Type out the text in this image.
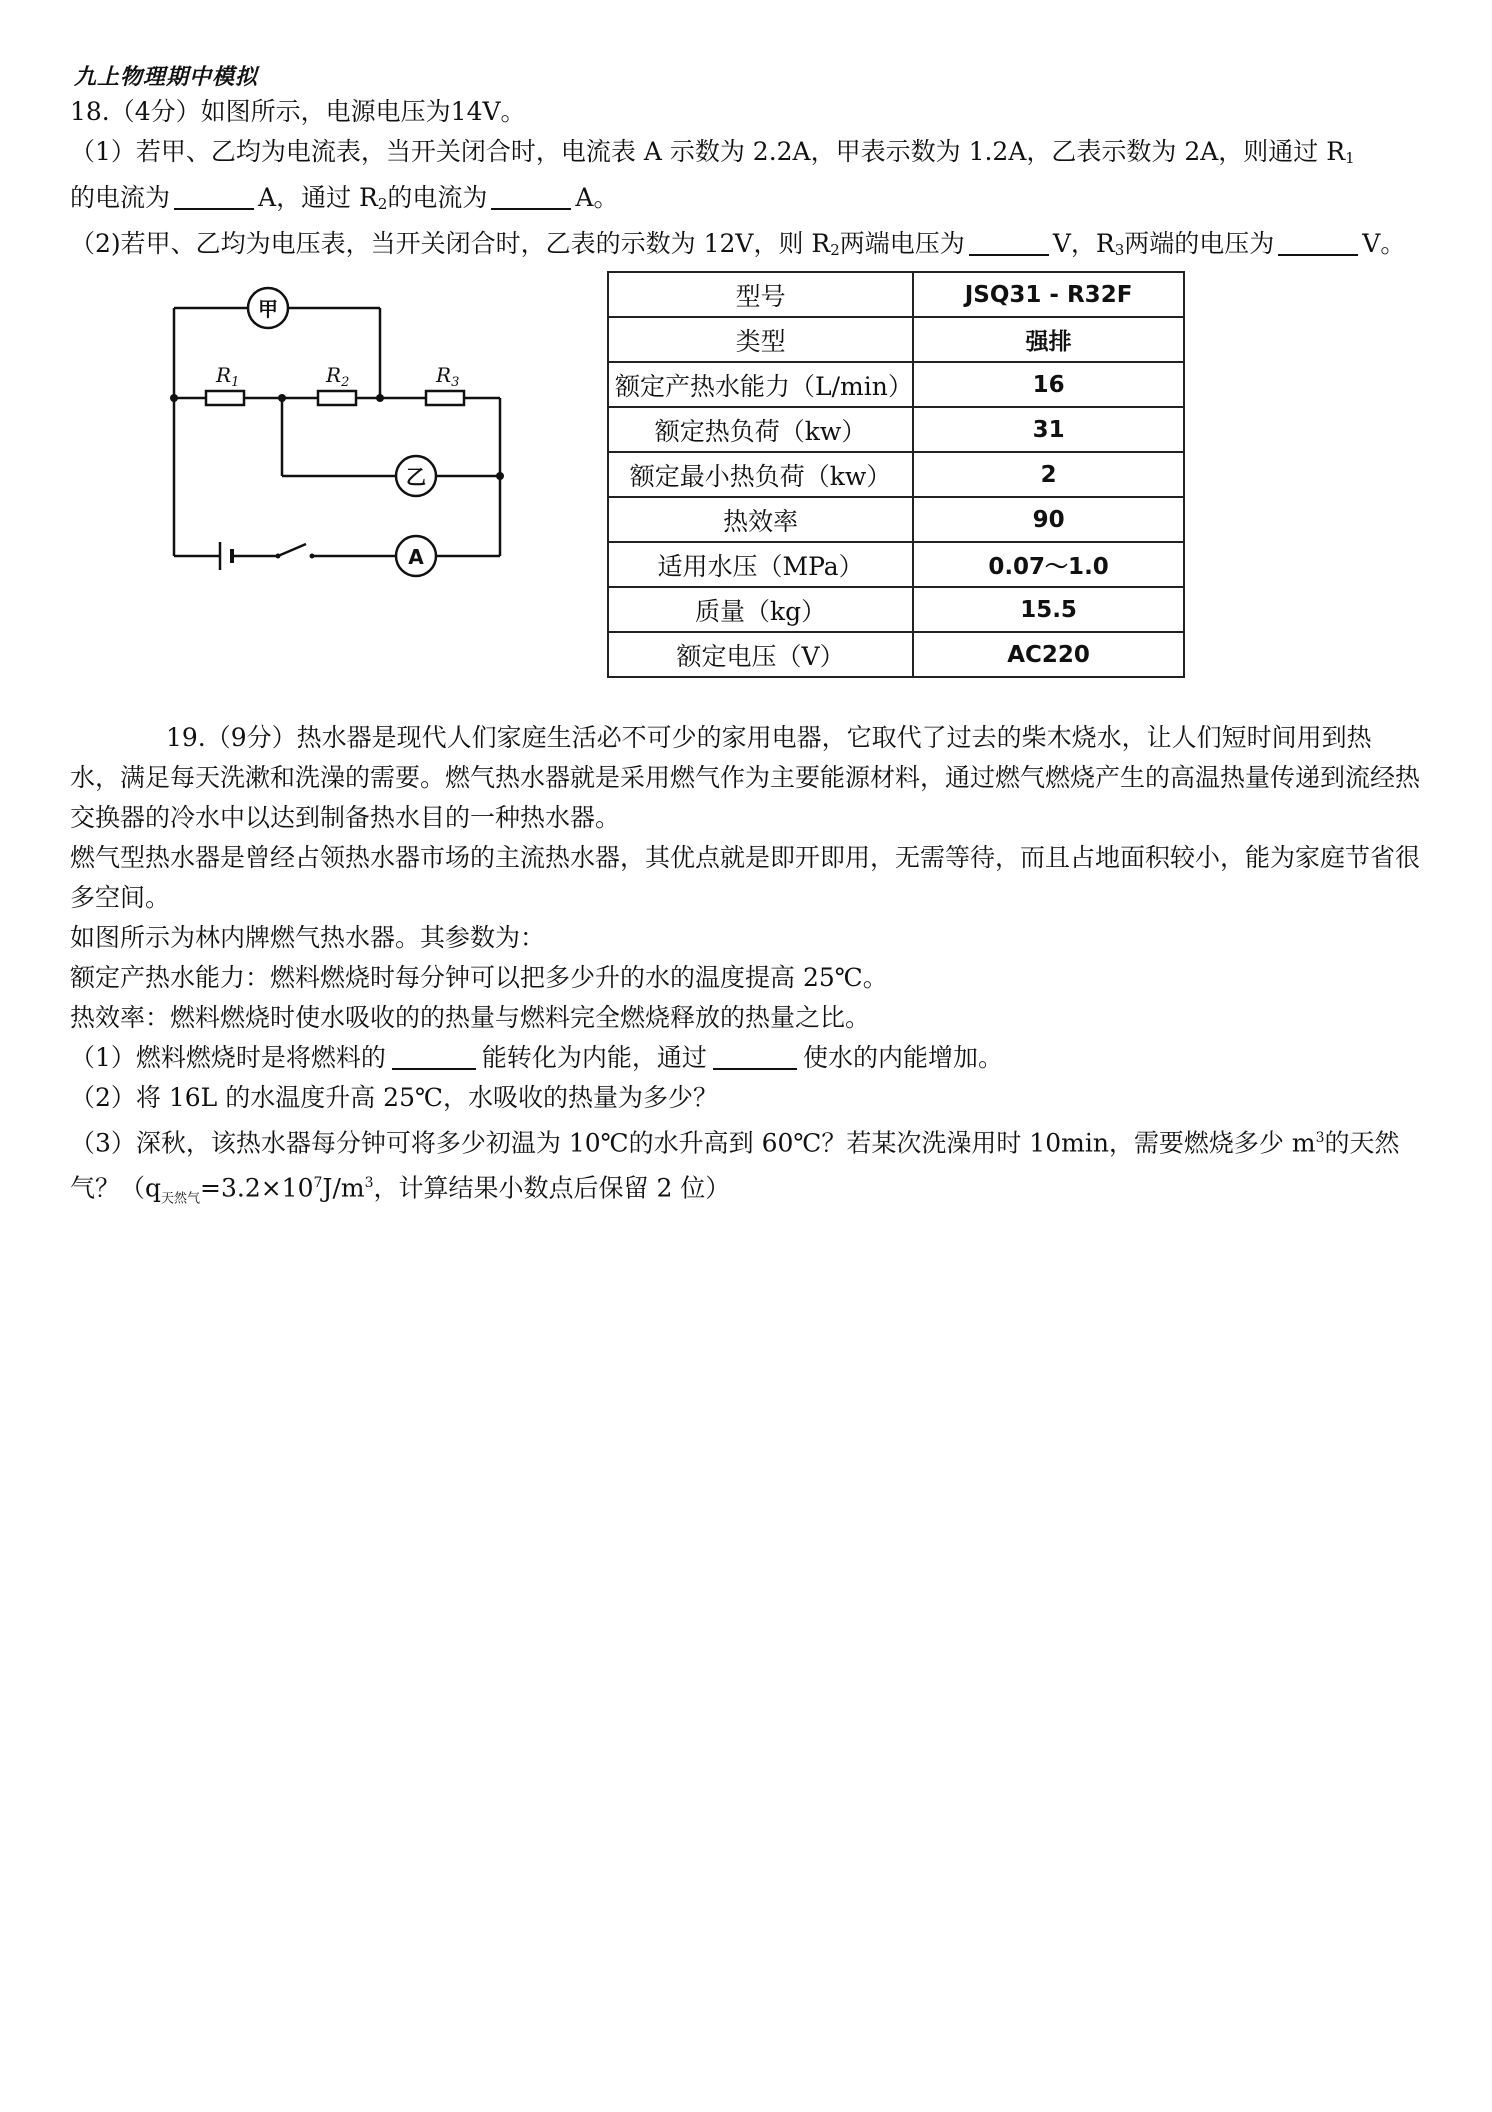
九上物理期中模拟
18.（4分）如图所示，电源电压为14V。
（1）若甲、乙均为电流表，当开关闭合时，电流表 A 示数为 2.2A，甲表示数为 1.2A，乙表示数为 2A，则通过 $R_1$
的电流为	A，通过 $R_2$的电流为	A。
（2)若甲、乙均为电压表，当开关闭合时，乙表的示数为 12V，则 $R_2$两端电压为	V，$R_3$两端的电压为	V。
$R_1$	$R_2$	$R_3$
甲
乙
A
型号	JSQ31 - R32F
类型	强排
额定产热水能力（L/min）	16
额定热负荷（kw）	31
额定最小热负荷（kw）	2
热效率	90
适用水压（MPa）	0.07～1.0
质量（kg）	15.5
额定电压（V）	AC220

19.（9分）热水器是现代人们家庭生活必不可少的家用电器，它取代了过去的柴木烧水，让人们短时间用到热水，满足每天洗漱和洗澡的需要。燃气热水器就是采用燃气作为主要能源材料，通过燃气燃烧产生的高温热量传递到流经热交换器的冷水中以达到制备热水目的一种热水器。

燃气型热水器是曾经占领热水器市场的主流热水器，其优点就是即开即用，无需等待，而且占地面积较小，能为家庭节省很多空间。

如图所示为林内牌燃气热水器。其参数为：

额定产热水能力：燃料燃烧时每分钟可以把多少升的水的温度提高 25℃。

热效率：燃料燃烧时使水吸收的的热量与燃料完全燃烧释放的热量之比。

（1）燃料燃烧时是将燃料的	能转化为内能，通过	使水的内能增加。

（2）将 16L 的水温度升高 25℃，水吸收的热量为多少？

（3）深秋，该热水器每分钟可将多少初温为 10℃的水升高到 60℃？若某次洗澡用时 10min，需要燃烧多少 $m^3$的天然气？（$q_{天然气}=3.2\times 10^7J/m^3$，计算结果小数点后保留 2 位）
